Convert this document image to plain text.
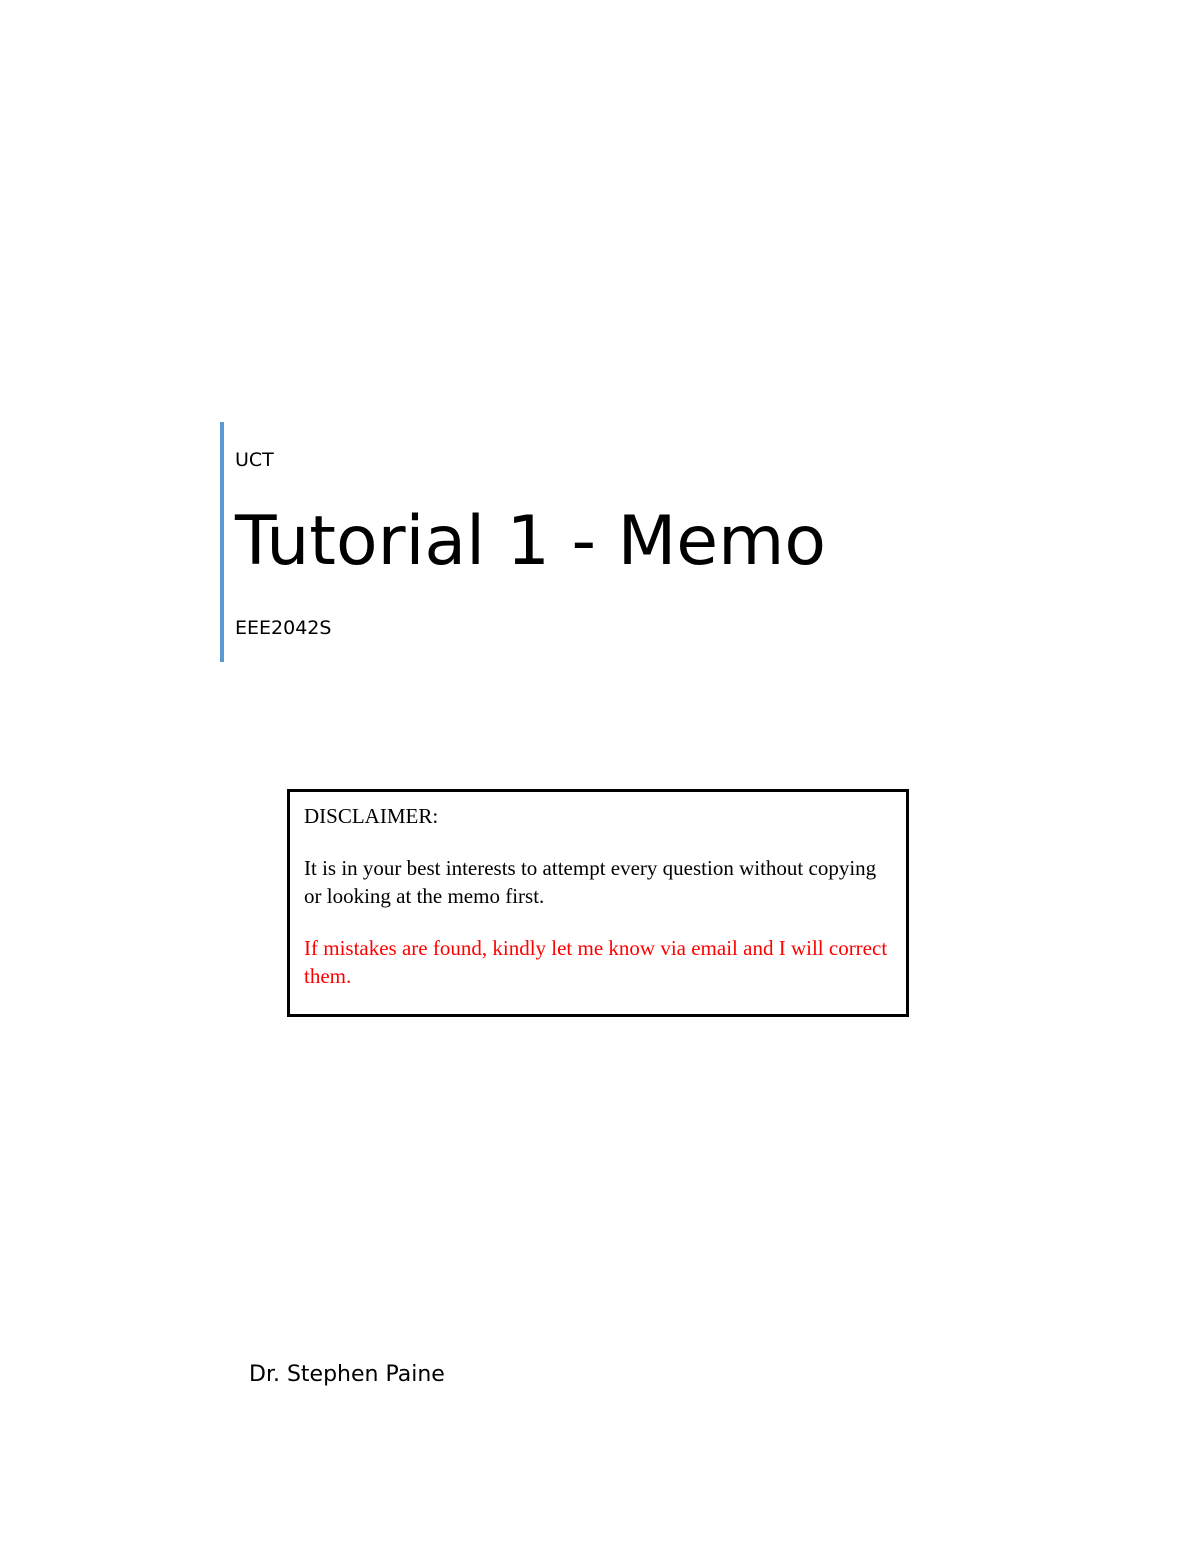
UCT
Tutorial 1 - Memo
EEE2042S

DISCLAIMER:

It is in your best interests to attempt every question without copying or looking at the memo first.

If mistakes are found, kindly let me know via email and I will correct them.

Dr. Stephen Paine
